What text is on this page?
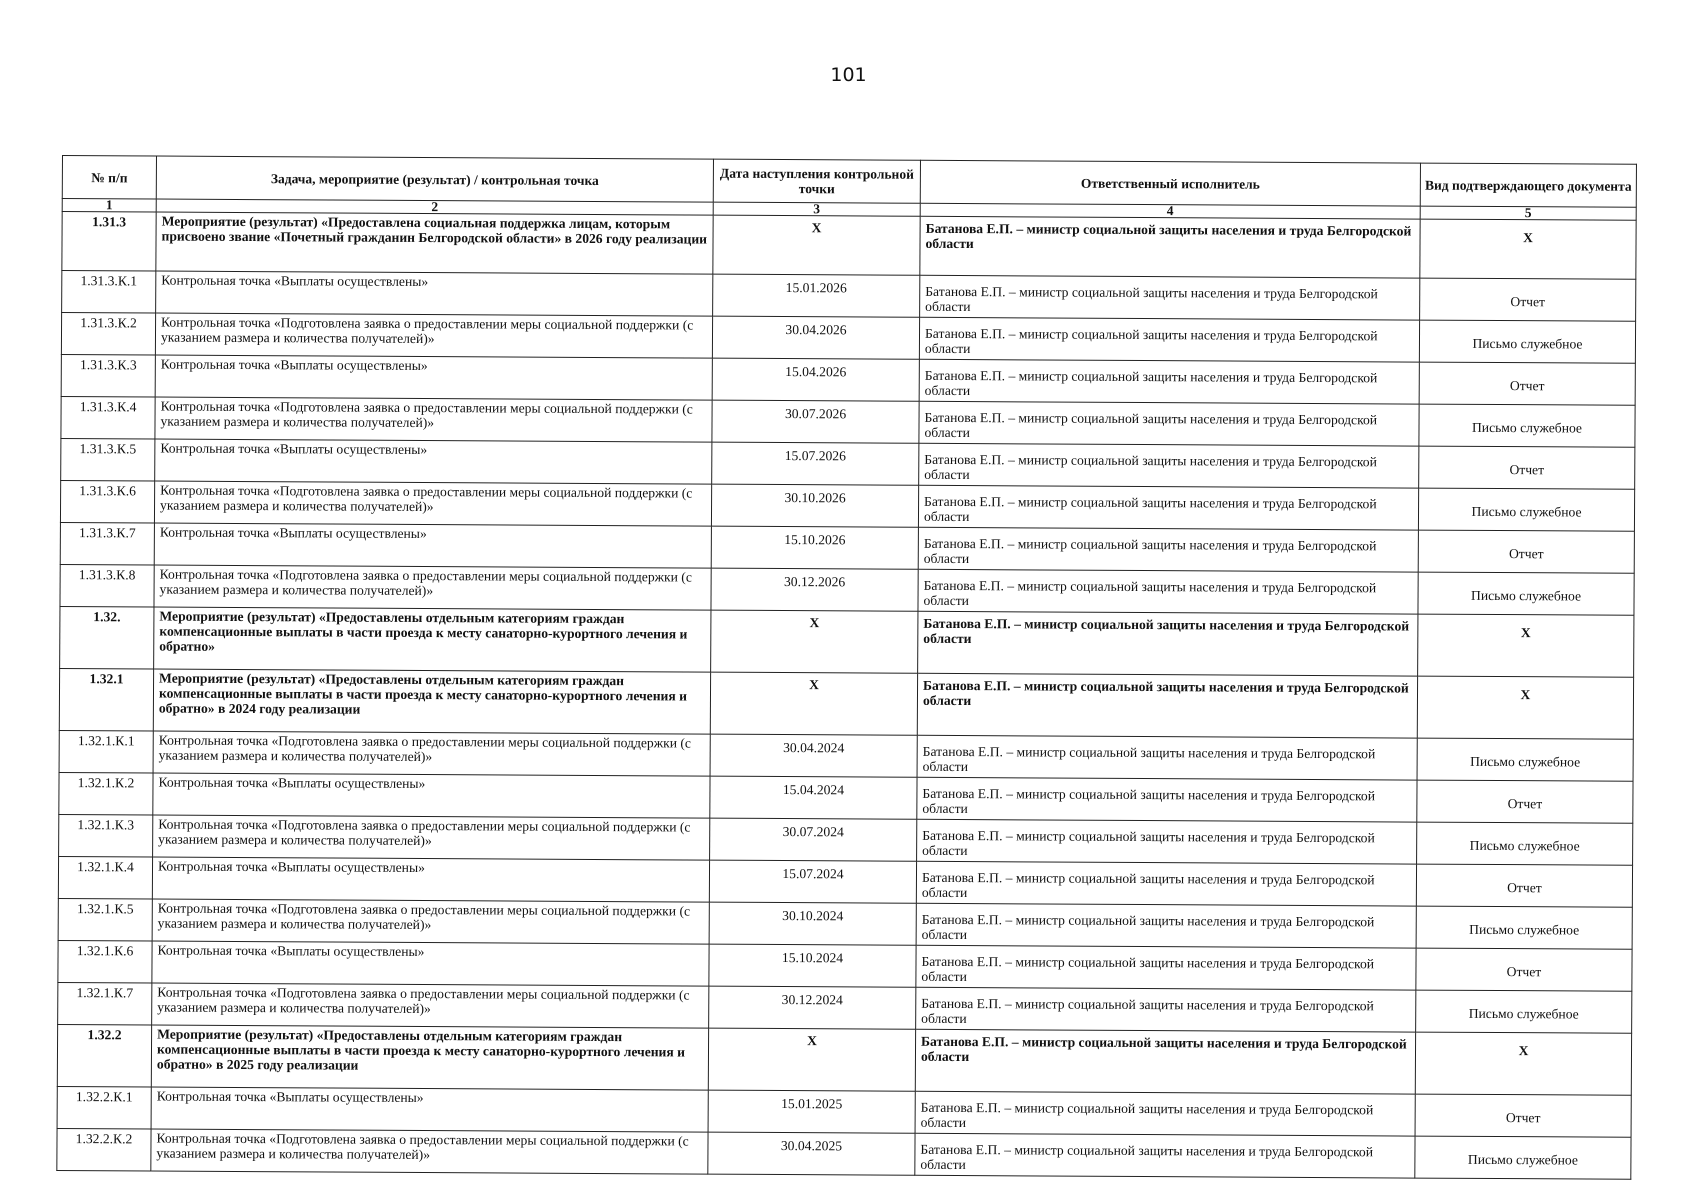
101
№ п/п	Задача, мероприятие (результат) / контрольная точка	Дата наступления контрольной точки	Ответственный исполнитель	Вид подтверждающего документа
1	2	3	4	5
1.31.3	Мероприятие (результат) «Предоставлена социальная поддержка лицам, которым присвоено звание «Почетный гражданин Белгородской области» в 2026 году реализации	X	Батанова Е.П. – министр социальной защиты населения и труда Белгородской области	X
1.31.3.К.1	Контрольная точка «Выплаты осуществлены»	15.01.2026	Батанова Е.П. – министр социальной защиты населения и труда Белгородской области	Отчет
1.31.3.К.2	Контрольная точка «Подготовлена заявка о предоставлении меры социальной поддержки (с указанием размера и количества получателей)»	30.04.2026	Батанова Е.П. – министр социальной защиты населения и труда Белгородской области	Письмо служебное
1.31.3.К.3	Контрольная точка «Выплаты осуществлены»	15.04.2026	Батанова Е.П. – министр социальной защиты населения и труда Белгородской области	Отчет
1.31.3.К.4	Контрольная точка «Подготовлена заявка о предоставлении меры социальной поддержки (с указанием размера и количества получателей)»	30.07.2026	Батанова Е.П. – министр социальной защиты населения и труда Белгородской области	Письмо служебное
1.31.3.К.5	Контрольная точка «Выплаты осуществлены»	15.07.2026	Батанова Е.П. – министр социальной защиты населения и труда Белгородской области	Отчет
1.31.3.К.6	Контрольная точка «Подготовлена заявка о предоставлении меры социальной поддержки (с указанием размера и количества получателей)»	30.10.2026	Батанова Е.П. – министр социальной защиты населения и труда Белгородской области	Письмо служебное
1.31.3.К.7	Контрольная точка «Выплаты осуществлены»	15.10.2026	Батанова Е.П. – министр социальной защиты населения и труда Белгородской области	Отчет
1.31.3.К.8	Контрольная точка «Подготовлена заявка о предоставлении меры социальной поддержки (с указанием размера и количества получателей)»	30.12.2026	Батанова Е.П. – министр социальной защиты населения и труда Белгородской области	Письмо служебное
1.32.	Мероприятие (результат) «Предоставлены отдельным категориям граждан компенсационные выплаты в части проезда к месту санаторно-курортного лечения и обратно»	X	Батанова Е.П. – министр социальной защиты населения и труда Белгородской области	X
1.32.1	Мероприятие (результат) «Предоставлены отдельным категориям граждан компенсационные выплаты в части проезда к месту санаторно-курортного лечения и обратно» в 2024 году реализации	X	Батанова Е.П. – министр социальной защиты населения и труда Белгородской области	X
1.32.1.К.1	Контрольная точка «Подготовлена заявка о предоставлении меры социальной поддержки (с указанием размера и количества получателей)»	30.04.2024	Батанова Е.П. – министр социальной защиты населения и труда Белгородской области	Письмо служебное
1.32.1.К.2	Контрольная точка «Выплаты осуществлены»	15.04.2024	Батанова Е.П. – министр социальной защиты населения и труда Белгородской области	Отчет
1.32.1.К.3	Контрольная точка «Подготовлена заявка о предоставлении меры социальной поддержки (с указанием размера и количества получателей)»	30.07.2024	Батанова Е.П. – министр социальной защиты населения и труда Белгородской области	Письмо служебное
1.32.1.К.4	Контрольная точка «Выплаты осуществлены»	15.07.2024	Батанова Е.П. – министр социальной защиты населения и труда Белгородской области	Отчет
1.32.1.К.5	Контрольная точка «Подготовлена заявка о предоставлении меры социальной поддержки (с указанием размера и количества получателей)»	30.10.2024	Батанова Е.П. – министр социальной защиты населения и труда Белгородской области	Письмо служебное
1.32.1.К.6	Контрольная точка «Выплаты осуществлены»	15.10.2024	Батанова Е.П. – министр социальной защиты населения и труда Белгородской области	Отчет
1.32.1.К.7	Контрольная точка «Подготовлена заявка о предоставлении меры социальной поддержки (с указанием размера и количества получателей)»	30.12.2024	Батанова Е.П. – министр социальной защиты населения и труда Белгородской области	Письмо служебное
1.32.2	Мероприятие (результат) «Предоставлены отдельным категориям граждан компенсационные выплаты в части проезда к месту санаторно-курортного лечения и обратно» в 2025 году реализации	X	Батанова Е.П. – министр социальной защиты населения и труда Белгородской области	X
1.32.2.К.1	Контрольная точка «Выплаты осуществлены»	15.01.2025	Батанова Е.П. – министр социальной защиты населения и труда Белгородской области	Отчет
1.32.2.К.2	Контрольная точка «Подготовлена заявка о предоставлении меры социальной поддержки (с указанием размера и количества получателей)»	30.04.2025	Батанова Е.П. – министр социальной защиты населения и труда Белгородской области	Письмо служебное
